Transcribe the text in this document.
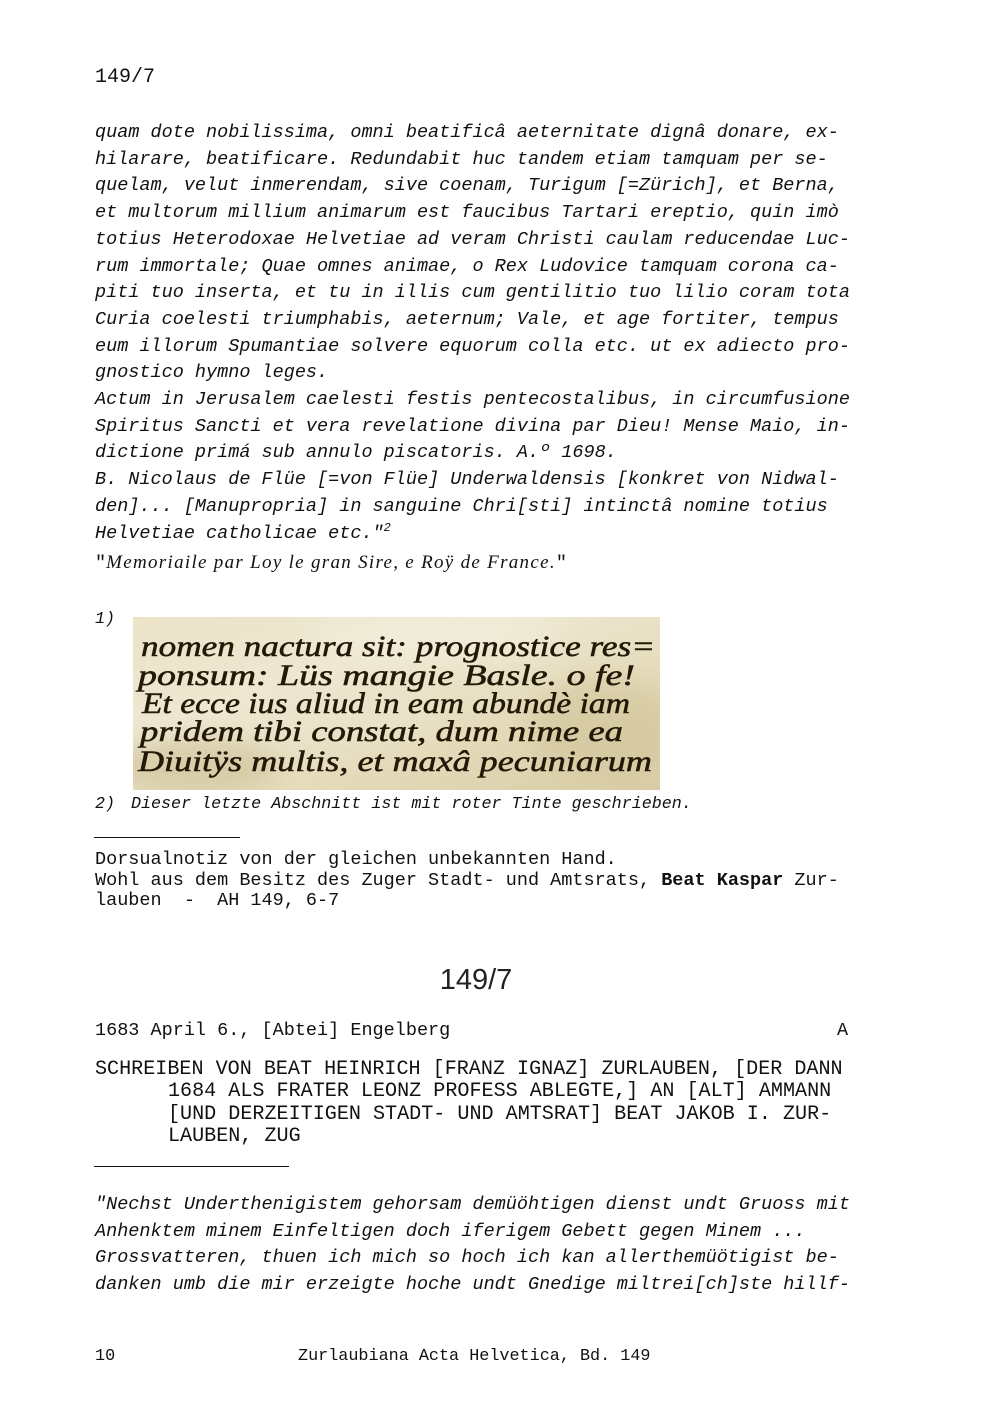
149/7
quam dote nobilissima, omni beatificâ aeternitate dignâ donare, ex-
hilarare, beatificare. Redundabit huc tandem etiam tamquam per se-
quelam, velut inmerendam, sive coenam, Turigum [=Zürich], et Berna,
et multorum millium animarum est faucibus Tartari ereptio, quin imò
totius Heterodoxae Helvetiae ad veram Christi caulam reducendae Luc-
rum immortale; Quae omnes animae, o Rex Ludovice tamquam corona ca-
piti tuo inserta, et tu in illis cum gentilitio tuo lilio coram tota
Curia coelesti triumphabis, aeternum; Vale, et age fortiter, tempus
eum illorum Spumantiae solvere equorum colla etc. ut ex adiecto pro-
gnostico hymno leges.
Actum in Jerusalem caelesti festis pentecostalibus, in circumfusione
Spiritus Sancti et vera revelatione divina par Dieu! Mense Maio, in-
dictione primá sub annulo piscatoris. A.º 1698.
B. Nicolaus de Flüe [=von Flüe] Underwaldensis [konkret von Nidwal-
den]... [Manupropria] in sanguine Chri[sti] intinctâ nomine totius
Helvetiae catholicae etc."$^2$
"Memoriaile par Loy le gran Sire, e Roÿ de France."
1)
nomen nactura sit: prognostice res=
ponsum: Lüs mangie Basle. o fe!
Et ecce ius aliud in eam abundè iam
pridem tibi constat, dum nime ea
Diuitÿs multis, et maxâ pecuniarum
2) Dieser letzte Abschnitt ist mit roter Tinte geschrieben.
Dorsualnotiz von der gleichen unbekannten Hand.
Wohl aus dem Besitz des Zuger Stadt- und Amtsrats, Beat Kaspar Zur-
lauben  -  AH 149, 6-7
149/7
1683 April 6., [Abtei] Engelberg	A
SCHREIBEN VON BEAT HEINRICH [FRANZ IGNAZ] ZURLAUBEN, [DER DANN
1684 ALS FRATER LEONZ PROFESS ABLEGTE,] AN [ALT] AMMANN
[UND DERZEITIGEN STADT- UND AMTSRAT] BEAT JAKOB I. ZUR-
LAUBEN, ZUG
"Nechst Underthenigistem gehorsam demüöhtigen dienst undt Gruoss mit
Anhenktem minem Einfeltigen doch iferigem Gebett gegen Minem ...
Grossvatteren, thuen ich mich so hoch ich kan allerthemüötigist be-
danken umb die mir erzeigte hoche undt Gnedige miltrei[ch]ste hillf-
10	Zurlaubiana Acta Helvetica, Bd. 149
